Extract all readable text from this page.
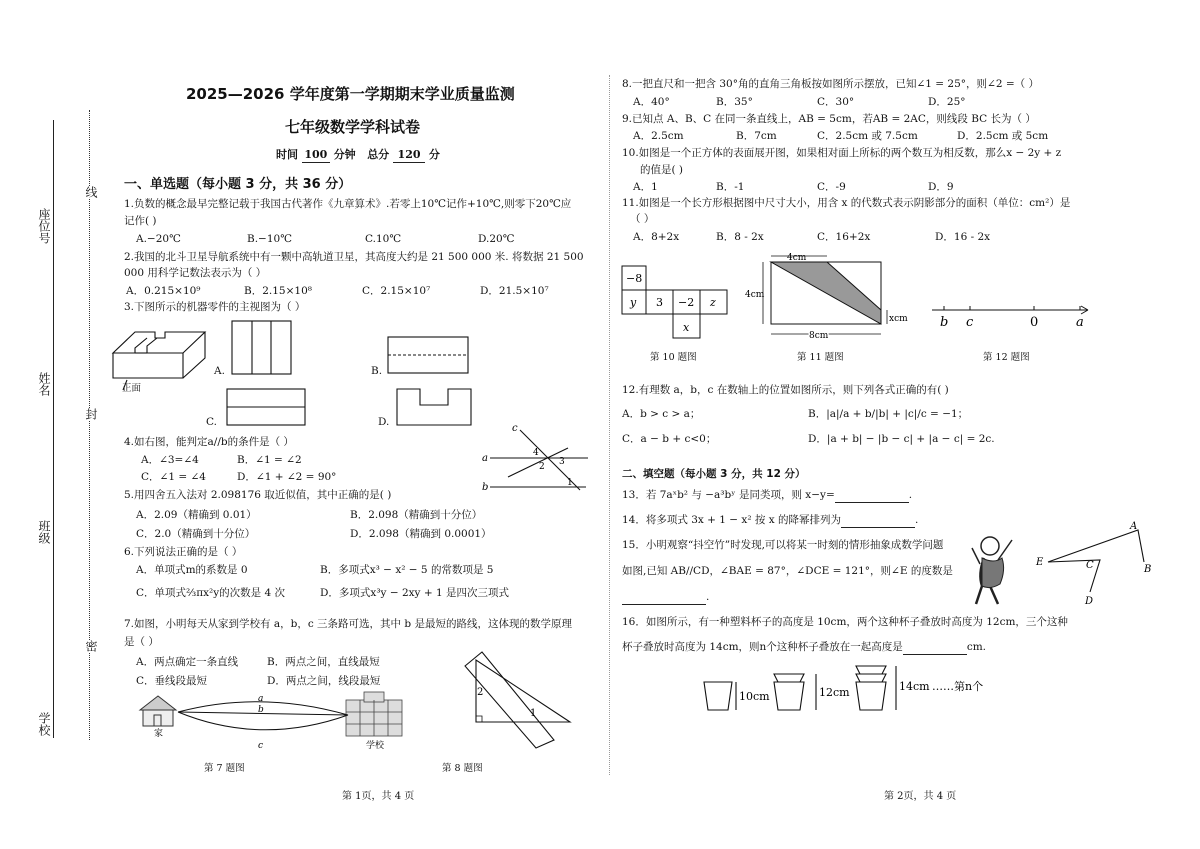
座位号
姓名
班级
学校
线
封
密
2025—2026 学年度第一学期期末学业质量监测
七年级数学学科试卷
时间 100 分钟 总分 120 分
一、单选题（每小题 3 分，共 36 分）
1.负数的概念最早完整记载于我国古代著作《九章算术》.若零上10℃记作+10℃,则零下20℃应
记作( )
A.−20℃	B.−10℃	C.10℃	D.20℃
2.我国的北斗卫星导航系统中有一颗中高轨道卫星，其高度大约是 21 500 000 米. 将数据 21 500
000 用科学记数法表示为（ ）
A．0.215×10⁹	B．2.15×10⁸	C．2.15×10⁷	D．21.5×10⁷
3.下图所示的机器零件的主视图为（ ）
正面
A.	B.
C.	D.
4.如右图，能判定a//b的条件是（ ）
A．∠3=∠4	B．∠1 = ∠2
C．∠1 = ∠4	D．∠1 + ∠2 = 90°
c
a
b
4
2 3
1
5.用四舍五入法对 2.098176 取近似值，其中正确的是( )
A．2.09（精确到 0.01）	B．2.098（精确到十分位）
C．2.0（精确到十分位）	D．2.098（精确到 0.0001）
6.下列说法正确的是（ ）
A．单项式m的系数是 0	B．多项式x³ − x² − 5 的常数项是 5
C．单项式⅔πx²y的次数是 4 次	D．多项式x³y − 2xy + 1 是四次三项式
7.如图，小明每天从家到学校有 a，b，c 三条路可选，其中 b 是最短的路线，这体现的数学原理
是（ ）
A．两点确定一条直线	B．两点之间，直线最短
C．垂线段最短	D．两点之间，线段最短
a
b
c
家
学校
2
1
第 7 题图	第 8 题图
8.一把直尺和一把含 30°角的直角三角板按如图所示摆放，已知∠1 = 25°，则∠2 =（ ）
A．40°	B．35°	C．30°	D．25°
9.已知点 A、B、C 在同一条直线上，AB = 5cm，若AB = 2AC，则线段 BC 长为（ ）
A．2.5cm	B．7cm	C．2.5cm 或 7.5cm	D．2.5cm 或 5cm
10.如图是一个正方体的表面展开图，如果相对面上所标的两个数互为相反数，那么x − 2y + z
的值是( )
A．1	B．-1	C．-9	D．9
11.如图是一个长方形根据图中尺寸大小，用含 x 的代数式表示阴影部分的面积（单位：cm²）是
（ ）
A．8+2x	B．8 - 2x	C．16+2x	D．16 - 2x
−8
y 3 −2 z
x
4cm
4cm
xcm
8cm
b c	0	a
第 10 题图	第 11 题图	第 12 题图
12.有理数 a，b，c 在数轴上的位置如图所示，则下列各式正确的有( )
A．b > c > a；	B．|a|/a + b/|b| + |c|/c = −1；
C．a − b + c<0；	D．|a + b| − |b − c| + |a − c| = 2c.
二、填空题（每小题 3 分，共 12 分）
13．若 7aˣb² 与 −a³bʸ 是同类项，则 x−y=	.
14．将多项式 3x + 1 − x² 按 x 的降幂排列为	.
15．小明观察“抖空竹”时发现,可以将某一时刻的情形抽象成数学问题
如图,已知 AB//CD，∠BAE = 87°，∠DCE = 121°，则∠E 的度数是
.
A
B
E	C
D
16．如图所示，有一种塑料杯子的高度是 10cm，两个这种杯子叠放时高度为 12cm，三个这种
杯子叠放时高度为 14cm，则n个这种杯子叠放在一起高度是	cm.
10cm	12cm	14cm ……第n个
第 1页，共 4 页	第 2页，共 4 页
